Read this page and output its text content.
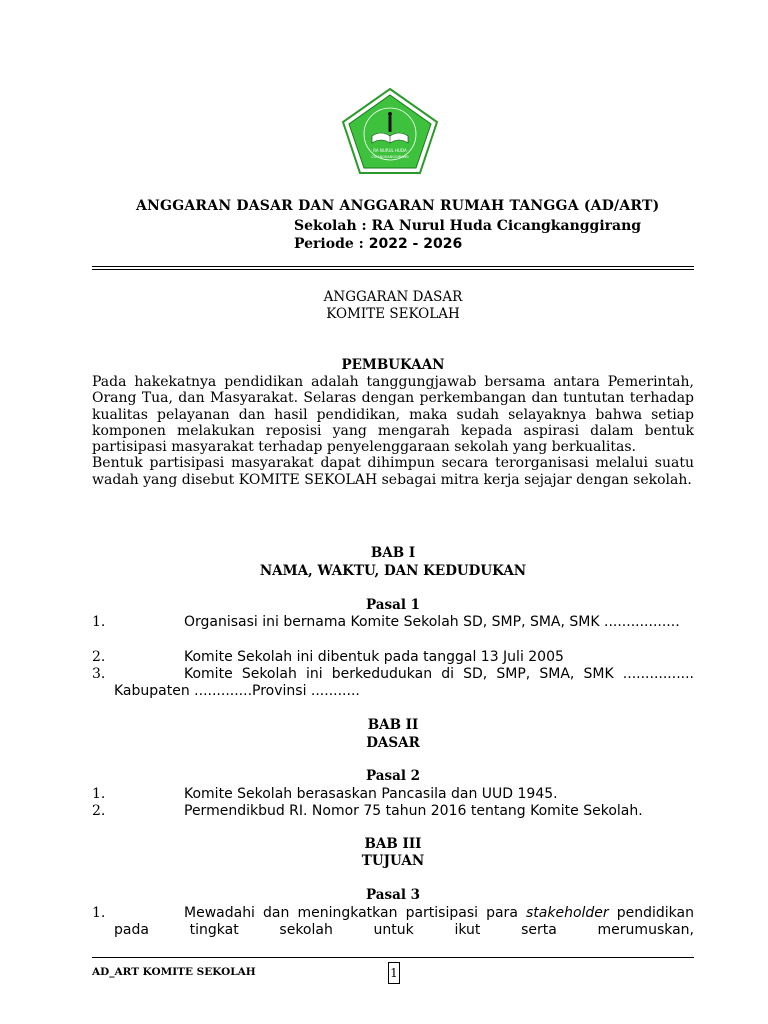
RA NURUL HUDA
CICANGKANGGIRANG
ANGGARAN DASAR DAN ANGGARAN RUMAH TANGGA (AD/ART)
Sekolah : RA Nurul Huda Cicangkanggirang
Periode : 2022 - 2026
ANGGARAN DASAR
KOMITE SEKOLAH
PEMBUKAAN

Pada hakekatnya pendidikan adalah tanggungjawab bersama antara Pemerintah, Orang Tua, dan Masyarakat. Selaras dengan perkembangan dan tuntutan terhadap kualitas pelayanan dan hasil pendidikan, maka sudah selayaknya bahwa setiap komponen melakukan reposisi yang mengarah kepada aspirasi dalam bentuk partisipasi masyarakat terhadap penyelenggaraan sekolah yang berkualitas.

Bentuk partisipasi masyarakat dapat dihimpun secara terorganisasi melalui suatu wadah yang disebut KOMITE SEKOLAH sebagai mitra kerja sejajar dengan sekolah.

BAB I
NAMA, WAKTU, DAN KEDUDUKAN
Pasal 1
1.	Organisasi ini bernama Komite Sekolah SD, SMP, SMA, SMK .................
2.	Komite Sekolah ini dibentuk pada tanggal 13 Juli 2005
3.	Komite Sekolah ini berkedudukan di SD, SMP, SMA, SMK ................ Kabupaten .............Provinsi ...........
BAB II
DASAR
Pasal 2
1.	Komite Sekolah berasaskan Pancasila dan UUD 1945.
2.	Permendikbud RI. Nomor 75 tahun 2016 tentang Komite Sekolah.
BAB III
TUJUAN
Pasal 3
1.	Mewadahi dan meningkatkan partisipasi para stakeholder pendidikan pada tingkat sekolah untuk ikut serta merumuskan,
AD_ART KOMITE SEKOLAH	1
